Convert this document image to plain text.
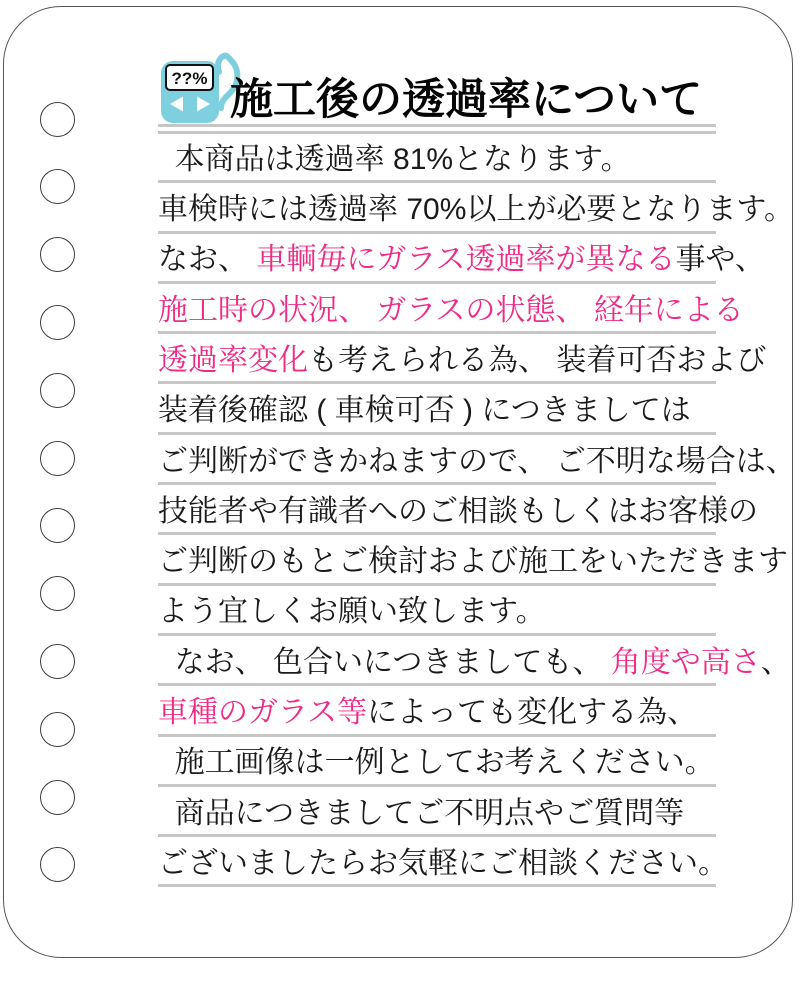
??% 施工後の透過率について
本商品は透過率 81%となります。
車検時には透過率 70%以上が必要となります。
なお、 車輌毎にガラス透過率が異なる 事や、
施工時の状況、 ガラスの状態、 経年による
透過率変化 も考えられる為、 装着可否および
装着後確認 ( 車検可否 ) につきましては
ご判断ができかねますので、 ご不明な場合は、
技能者や有識者へのご相談もしくはお客様の
ご判断のもとご検討および施工をいただきます
よう宜しくお願い致します。
なお、 色合いにつきましても、 角度や高さ 、
車種のガラス等 によっても変化する為、
施工画像は一例としてお考えください。
商品につきましてご不明点やご質問等
ございましたらお気軽にご相談ください。
